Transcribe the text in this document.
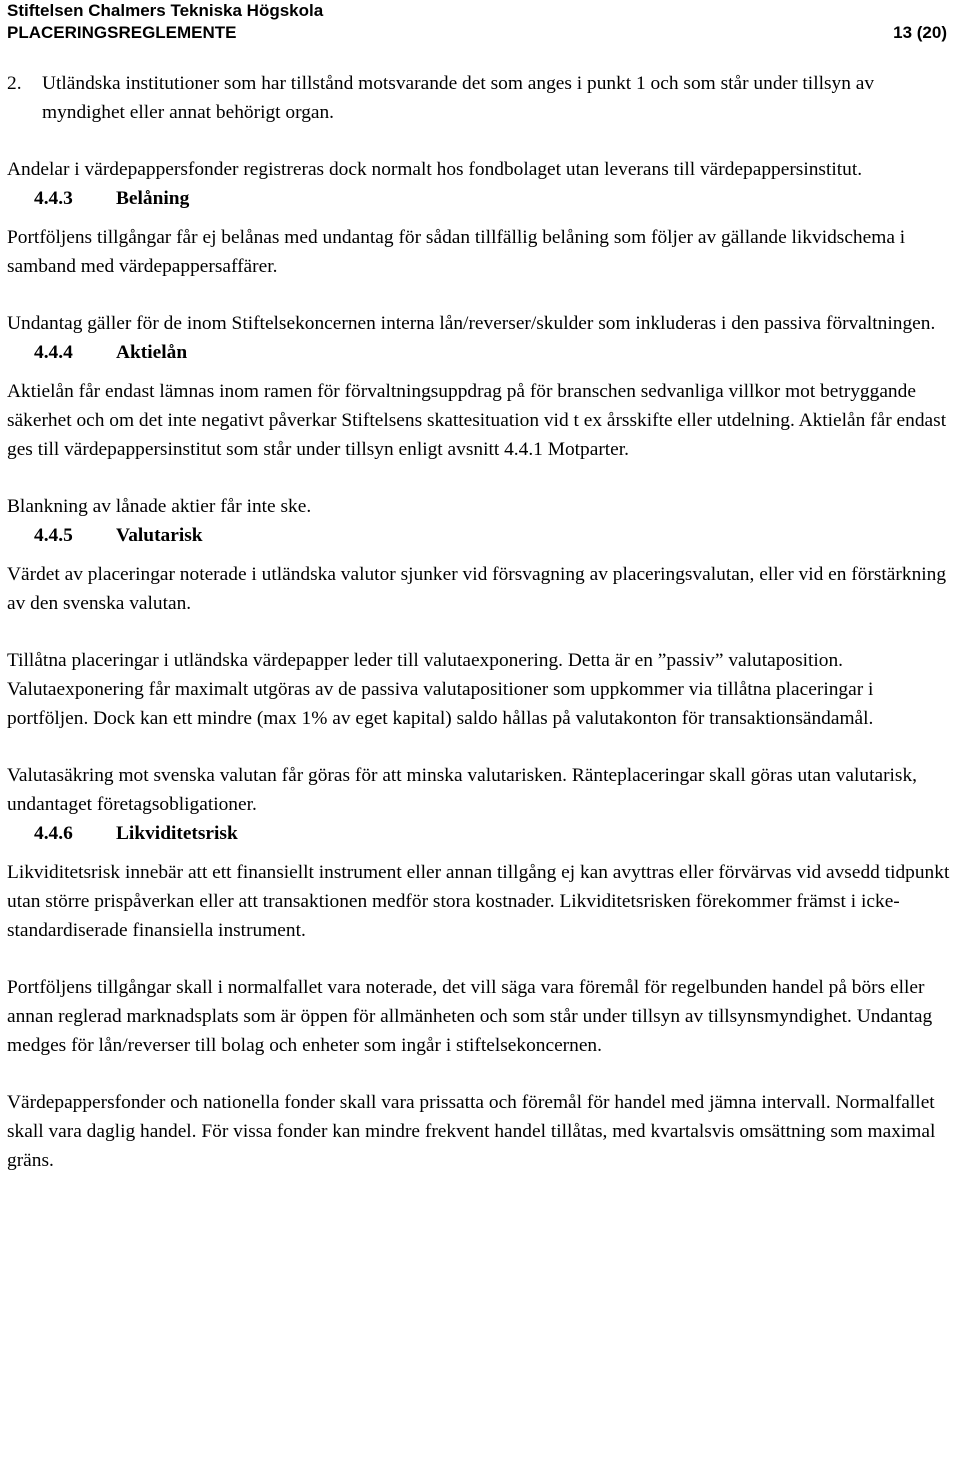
Stiftelsen Chalmers Tekniska Högskola
PLACERINGSREGLEMENTE	13 (20)
2.	Utländska institutioner som har tillstånd motsvarande det som anges i punkt 1 och som står under tillsyn av myndighet eller annat behörigt organ.

Andelar i värdepappersfonder registreras dock normalt hos fondbolaget utan leverans till värdepappersinstitut.

4.4.3 Belåning

Portföljens tillgångar får ej belånas med undantag för sådan tillfällig belåning som följer av gällande likvidschema i samband med värdepappersaffärer.

Undantag gäller för de inom Stiftelsekoncernen interna lån/reverser/skulder som inkluderas i den passiva förvaltningen.

4.4.4 Aktielån

Aktielån får endast lämnas inom ramen för förvaltningsuppdrag på för branschen sedvanliga villkor mot betryggande säkerhet och om det inte negativt påverkar Stiftelsens skattesituation vid t ex årsskifte eller utdelning. Aktielån får endast ges till värdepappersinstitut som står under tillsyn enligt avsnitt 4.4.1 Motparter.

Blankning av lånade aktier får inte ske.

4.4.5 Valutarisk

Värdet av placeringar noterade i utländska valutor sjunker vid försvagning av placeringsvalutan, eller vid en förstärkning av den svenska valutan.

Tillåtna placeringar i utländska värdepapper leder till valutaexponering. Detta är en ”passiv” valutaposition. Valutaexponering får maximalt utgöras av de passiva valutapositioner som uppkommer via tillåtna placeringar i portföljen. Dock kan ett mindre (max 1% av eget kapital) saldo hållas på valutakonton för transaktionsändamål.

Valutasäkring mot svenska valutan får göras för att minska valutarisken. Ränteplaceringar skall göras utan valutarisk, undantaget företagsobligationer.

4.4.6 Likviditetsrisk

Likviditetsrisk innebär att ett finansiellt instrument eller annan tillgång ej kan avyttras eller förvärvas vid avsedd tidpunkt utan större prispåverkan eller att transaktionen medför stora kostnader. Likviditetsrisken förekommer främst i icke-standardiserade finansiella instrument.

Portföljens tillgångar skall i normalfallet vara noterade, det vill säga vara föremål för regelbunden handel på börs eller annan reglerad marknadsplats som är öppen för allmänheten och som står under tillsyn av tillsynsmyndighet. Undantag medges för lån/reverser till bolag och enheter som ingår i stiftelsekoncernen.

Värdepappersfonder och nationella fonder skall vara prissatta och föremål för handel med jämna intervall. Normalfallet skall vara daglig handel. För vissa fonder kan mindre frekvent handel tillåtas, med kvartalsvis omsättning som maximal gräns.
